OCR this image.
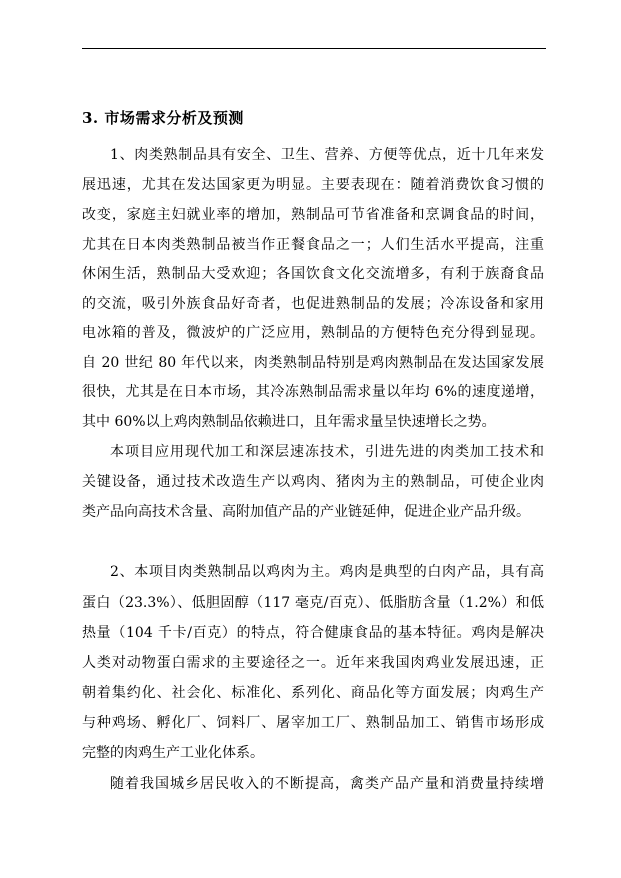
3. 市场需求分析及预测
1、肉类熟制品具有安全、卫生、营养、方便等优点，近十几年来发
展迅速，尤其在发达国家更为明显。主要表现在：随着消费饮食习惯的
改变，家庭主妇就业率的增加，熟制品可节省准备和烹调食品的时间，
尤其在日本肉类熟制品被当作正餐食品之一；人们生活水平提高，注重
休闲生活，熟制品大受欢迎；各国饮食文化交流增多，有利于族裔食品
的交流，吸引外族食品好奇者，也促进熟制品的发展；冷冻设备和家用
电冰箱的普及，微波炉的广泛应用，熟制品的方便特色充分得到显现。
自 20 世纪 80 年代以来，肉类熟制品特别是鸡肉熟制品在发达国家发展
很快，尤其是在日本市场，其冷冻熟制品需求量以年均 6%的速度递增，
其中 60%以上鸡肉熟制品依赖进口，且年需求量呈快速增长之势。
本项目应用现代加工和深层速冻技术，引进先进的肉类加工技术和
关键设备，通过技术改造生产以鸡肉、猪肉为主的熟制品，可使企业肉
类产品向高技术含量、高附加值产品的产业链延伸，促进企业产品升级。
2、本项目肉类熟制品以鸡肉为主。鸡肉是典型的白肉产品，具有高
蛋白（23.3%）、低胆固醇（117 毫克/百克）、低脂肪含量（1.2%）和低
热量（104 千卡/百克）的特点，符合健康食品的基本特征。鸡肉是解决
人类对动物蛋白需求的主要途径之一。近年来我国肉鸡业发展迅速，正
朝着集约化、社会化、标准化、系列化、商品化等方面发展；肉鸡生产
与种鸡场、孵化厂、饲料厂、屠宰加工厂、熟制品加工、销售市场形成
完整的肉鸡生产工业化体系。
随着我国城乡居民收入的不断提高，禽类产品产量和消费量持续增
